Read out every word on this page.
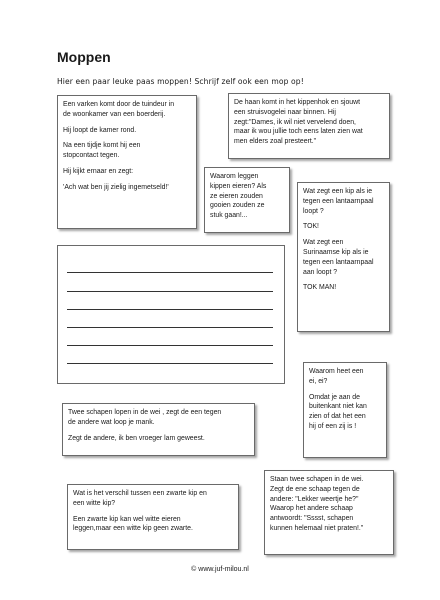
Moppen
Hier een paar leuke paas moppen! Schrijf zelf ook een mop op!

Een varken komt door de tuindeur in
de woonkamer van een boerderij.

Hij loopt de kamer rond.

Na een tijdje komt hij een
stopcontact tegen.

Hij kijkt ernaar en zegt:

'Ach wat ben jij zielig ingemetseld!'

De haan komt in het kippenhok en sjouwt
een struisvogelei naar binnen. Hij
zegt:"Dames, ik wil niet vervelend doen,
maar ik wou jullie toch eens laten zien wat
men elders zoal presteert."

Waarom leggen
kippen eieren? Als
ze eieren zouden
gooien zouden ze
stuk gaan!...

Wat zegt een kip als ie
tegen een lantaarnpaal
loopt ?

TOK!

Wat zegt een
Surinaamse kip als ie
tegen een lantaarnpaal
aan loopt ?

TOK MAN!

Waarom heet een
ei, ei?

Omdat je aan de
buitenkant niet kan
zien of dat het een
hij of een zij is !

Twee schapen lopen in de wei , zegt de een tegen
de andere wat loop je mank.

Zegt de andere, ik ben vroeger lam geweest.

Wat is het verschil tussen een zwarte kip en
een witte kip?

Een zwarte kip kan wel witte eieren
leggen,maar een witte kip geen zwarte.

Staan twee schapen in de wei.
Zegt de ene schaap tegen de
andere: "Lekker weertje he?"
Waarop het andere schaap
antwoordt: "Sssst, schapen
kunnen helemaal niet praten!."

© www.juf-milou.nl
